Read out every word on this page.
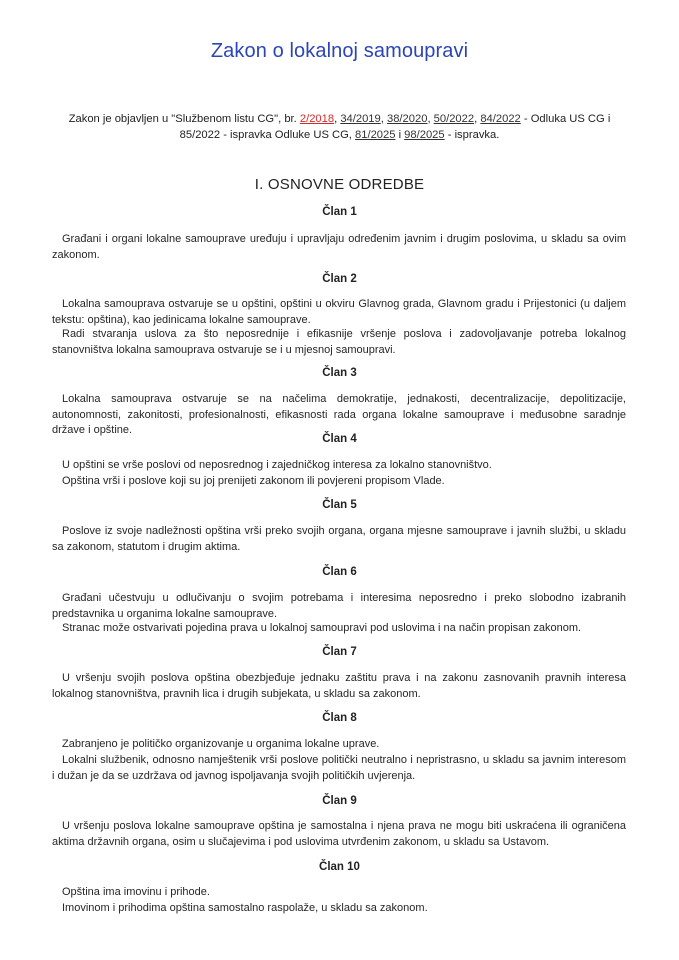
Zakon o lokalnoj samoupravi
Zakon je objavljen u "Službenom listu CG", br. 2/2018, 34/2019, 38/2020, 50/2022, 84/2022 - Odluka US CG i 85/2022 - ispravka Odluke US CG, 81/2025 i 98/2025 - ispravka.
I. OSNOVNE ODREDBE
Član 1
Građani i organi lokalne samouprave uređuju i upravljaju određenim javnim i drugim poslovima, u skladu sa ovim zakonom.
Član 2
Lokalna samouprava ostvaruje se u opštini, opštini u okviru Glavnog grada, Glavnom gradu i Prijestonici (u daljem tekstu: opština), kao jedinicama lokalne samouprave.
Radi stvaranja uslova za što neposrednije i efikasnije vršenje poslova i zadovoljavanje potreba lokalnog stanovništva lokalna samouprava ostvaruje se i u mjesnoj samoupravi.
Član 3
Lokalna samouprava ostvaruje se na načelima demokratije, jednakosti, decentralizacije, depolitizacije, autonomnosti, zakonitosti, profesionalnosti, efikasnosti rada organa lokalne samouprave i međusobne saradnje države i opštine.
Član 4
U opštini se vrše poslovi od neposrednog i zajedničkog interesa za lokalno stanovništvo.
Opština vrši i poslove koji su joj prenijeti zakonom ili povjereni propisom Vlade.
Član 5
Poslove iz svoje nadležnosti opština vrši preko svojih organa, organa mjesne samouprave i javnih službi, u skladu sa zakonom, statutom i drugim aktima.
Član 6
Građani učestvuju u odlučivanju o svojim potrebama i interesima neposredno i preko slobodno izabranih predstavnika u organima lokalne samouprave.
Stranac može ostvarivati pojedina prava u lokalnoj samoupravi pod uslovima i na način propisan zakonom.
Član 7
U vršenju svojih poslova opština obezbjeđuje jednaku zaštitu prava i na zakonu zasnovanih pravnih interesa lokalnog stanovništva, pravnih lica i drugih subjekata, u skladu sa zakonom.
Član 8
Zabranjeno je političko organizovanje u organima lokalne uprave.
Lokalni službenik, odnosno namještenik vrši poslove politički neutralno i nepristrasno, u skladu sa javnim interesom i dužan je da se uzdržava od javnog ispoljavanja svojih političkih uvjerenja.
Član 9
U vršenju poslova lokalne samouprave opština je samostalna i njena prava ne mogu biti uskraćena ili ograničena aktima državnih organa, osim u slučajevima i pod uslovima utvrđenim zakonom, u skladu sa Ustavom.
Član 10
Opština ima imovinu i prihode.
Imovinom i prihodima opština samostalno raspolaže, u skladu sa zakonom.
